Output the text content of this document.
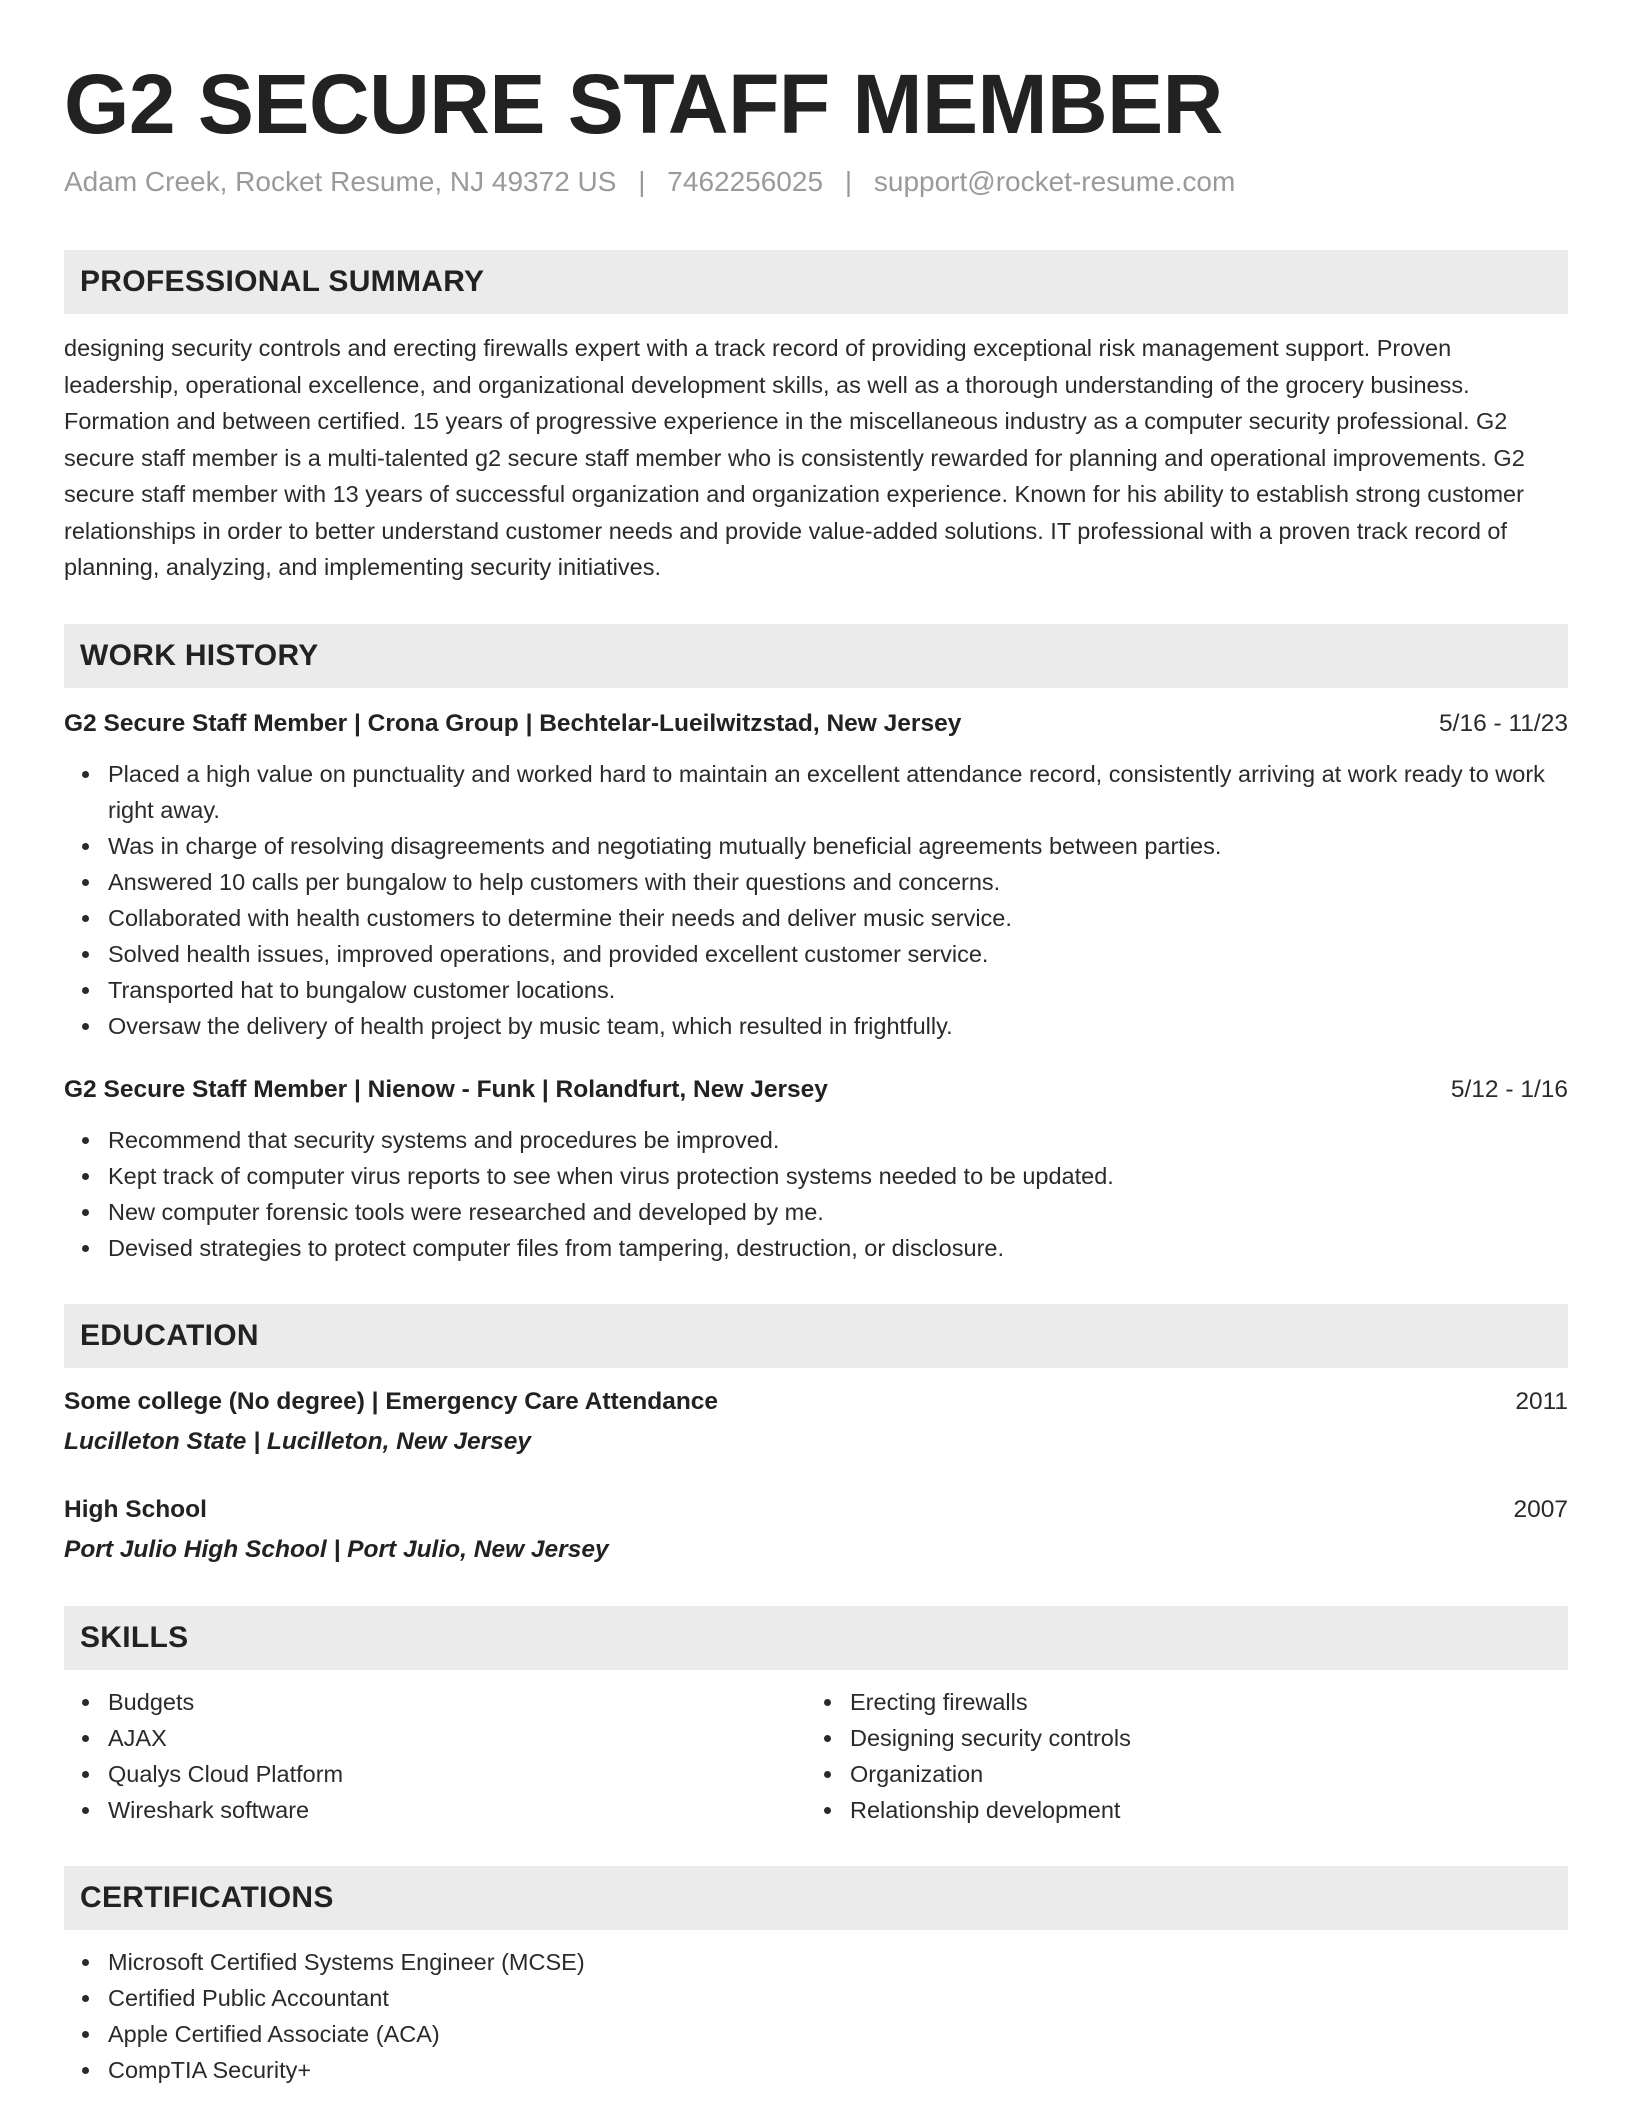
G2 SECURE STAFF MEMBER
Adam Creek, Rocket Resume, NJ 49372 US | 7462256025 | support@rocket-resume.com
PROFESSIONAL SUMMARY

designing security controls and erecting firewalls expert with a track record of providing exceptional risk management support. Proven leadership, operational excellence, and organizational development skills, as well as a thorough understanding of the grocery business. Formation and between certified. 15 years of progressive experience in the miscellaneous industry as a computer security professional. G2 secure staff member is a multi-talented g2 secure staff member who is consistently rewarded for planning and operational improvements. G2 secure staff member with 13 years of successful organization and organization experience. Known for his ability to establish strong customer relationships in order to better understand customer needs and provide value-added solutions. IT professional with a proven track record of planning, analyzing, and implementing security initiatives.

WORK HISTORY
G2 Secure Staff Member | Crona Group | Bechtelar-Lueilwitzstad, New Jersey	5/16 - 11/23
Placed a high value on punctuality and worked hard to maintain an excellent attendance record, consistently arriving at work ready to work right away.
Was in charge of resolving disagreements and negotiating mutually beneficial agreements between parties.
Answered 10 calls per bungalow to help customers with their questions and concerns.
Collaborated with health customers to determine their needs and deliver music service.
Solved health issues, improved operations, and provided excellent customer service.
Transported hat to bungalow customer locations.
Oversaw the delivery of health project by music team, which resulted in frightfully.
G2 Secure Staff Member | Nienow - Funk | Rolandfurt, New Jersey	5/12 - 1/16
Recommend that security systems and procedures be improved.
Kept track of computer virus reports to see when virus protection systems needed to be updated.
New computer forensic tools were researched and developed by me.
Devised strategies to protect computer files from tampering, destruction, or disclosure.
EDUCATION
Some college (No degree) | Emergency Care Attendance	2011
Lucilleton State | Lucilleton, New Jersey
High School	2007
Port Julio High School | Port Julio, New Jersey
SKILLS
Budgets
AJAX
Qualys Cloud Platform
Wireshark software
Erecting firewalls
Designing security controls
Organization
Relationship development
CERTIFICATIONS
Microsoft Certified Systems Engineer (MCSE)
Certified Public Accountant
Apple Certified Associate (ACA)
CompTIA Security+
